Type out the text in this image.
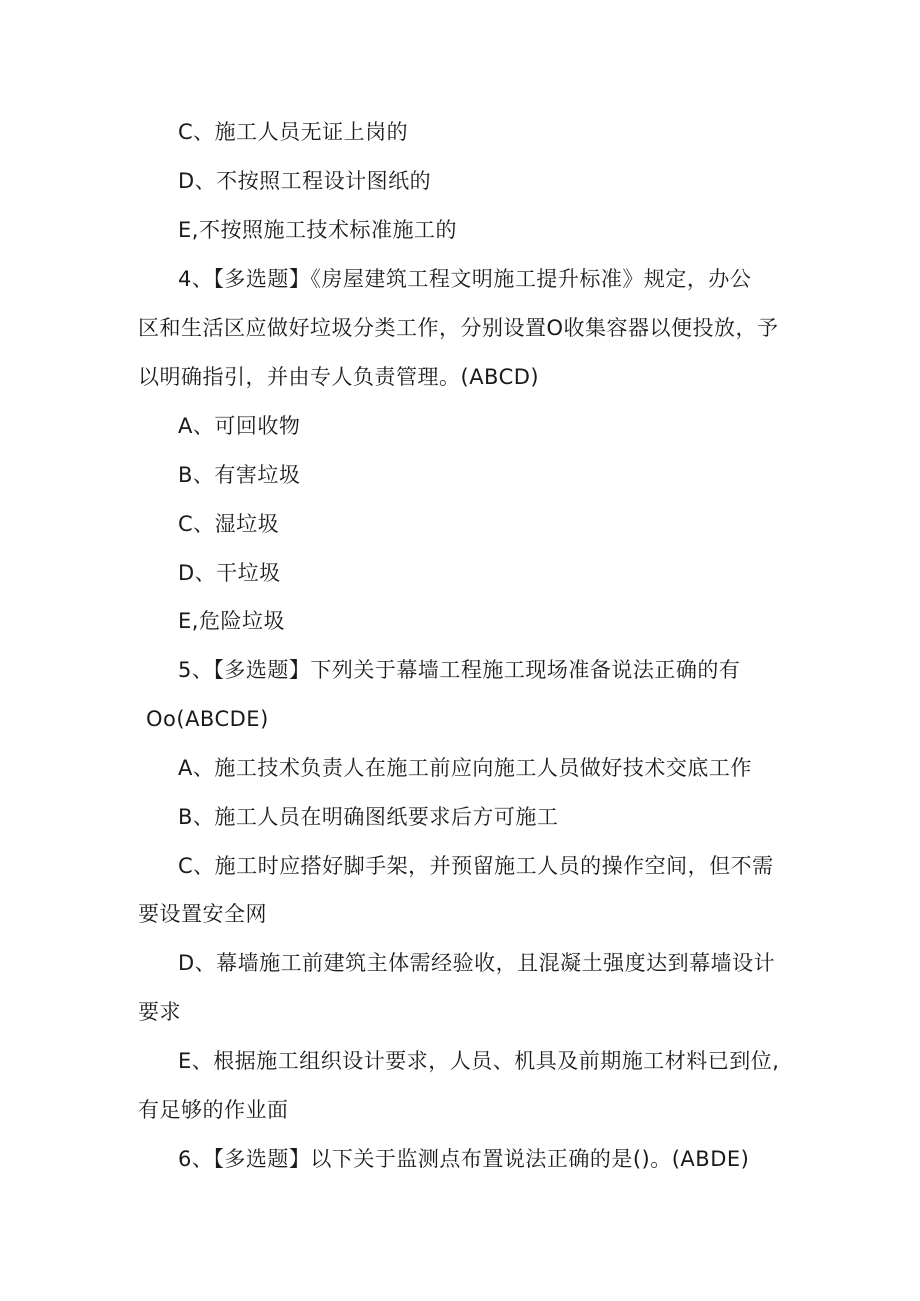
C、施工人员无证上岗的
D、不按照工程设计图纸的
E,不按照施工技术标准施工的
4、【多选题】《房屋建筑工程文明施工提升标准》规定，办公
区和生活区应做好垃圾分类工作，分别设置O收集容器以便投放，予
以明确指引，并由专人负责管理。(ABCD)
A、可回收物
B、有害垃圾
C、湿垃圾
D、干垃圾
E,危险垃圾
5、【多选题】下列关于幕墙工程施工现场准备说法正确的有
Oo(ABCDE)
A、施工技术负责人在施工前应向施工人员做好技术交底工作
B、施工人员在明确图纸要求后方可施工
C、施工时应搭好脚手架，并预留施工人员的操作空间，但不需
要设置安全网
D、幕墙施工前建筑主体需经验收，且混凝土强度达到幕墙设计
要求
E、根据施工组织设计要求，人员、机具及前期施工材料已到位,
有足够的作业面
6、【多选题】以下关于监测点布置说法正确的是()。(ABDE)
